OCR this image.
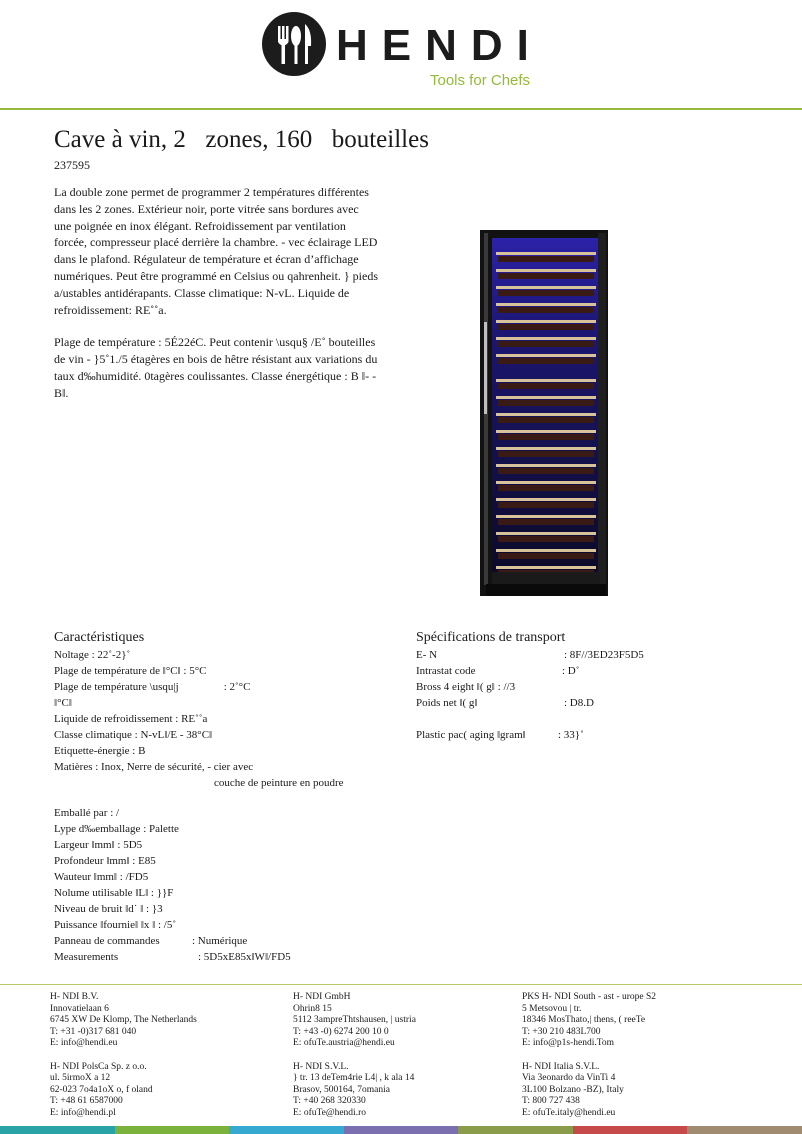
HENDI
Tools for Chefs
Cave à vin, 2 zones, 160 bouteilles
237595

La double zone permet de programmer 2 températures différentes dans les 2 zones. Extérieur noir, porte vitrée sans bordures avec une poignée en inox élégant. Refroidissement par ventilation forcée, compresseur placé derrière la chambre. - vec éclairage LED dans le plafond. Régulateur de température et écran d’affichage numériques. Peut être programmé en Celsius ou qahrenheit. } pieds a/ustables antidérapants. Classe climatique: N-vL. Liquide de refroidissement: RE˚˚a.

Plage de température : 5É22éC. Peut contenir \usqu§ /E˚ bouteilles de vin - }5˚1./5 étagères en bois de hêtre résistant aux variations du taux d‰humidité. 0tagères coulissantes. Classe énergétique : B ‖- -B‖.

Caractéristiques
Noltage : 22˚-2}˚
Plage de température de ‖°C‖ : 5°C
Plage de température \usqu|j	: 2˚°C
‖°C‖
Liquide de refroidissement : RE˚˚a
Classe climatique : N-vL‖/E - 38°C‖
Etiquette-énergie : B
Matières : Inox, Nerre de sécurité, - cier avec
couche de peinture en poudre
Emballé par : /
Lype d‰emballage : Palette
Largeur ‖mm‖ : 5D5
Profondeur ‖mm‖ : E85
Wauteur ‖mm‖ : /FD5
Nolume utilisable ‖L‖ : }}F
Niveau de bruit ‖d˙ ‖ : }3
Puissance ‖fournie‖ ‖x ‖ : /5˚
Panneau de commandes	: Numérique
Measurements	: 5D5xE85x‖W‖/FD5
Spécifications de transport
E- N	: 8F//3ED23F5D5
Intrastat code	: D˚
Bross 4 eight ‖( g‖ : //3
Poids net ‖( g‖	: D8.D
Plastic pac( aging ‖gram‖	: 33}˚
H- NDI B.V.
Innovatielaan 6
6745 XW De Klomp, The Netherlands
T: +31 -0)317 681 040
E: info@hendi.eu
H- NDI PolsCa Sp. z o.o.
ul. 5irmoX a 12
62-023 7o4a1oX o, f oland
T: +48 61 6587000
E: info@hendi.pl
H- NDI GmbH
Ohrin8 15
5112 3ampreThtshausen, | ustria
T: +43 -0) 6274 200 10 0
E: ofuTe.austria@hendi.eu
H- NDI S.V.L.
} tr. 13 deTem4rie L4| , k ala 14
Brasov, 500164, 7omania
T: +40 268 320330
E: ofuTe@hendi.ro
PKS H- NDI South - ast - urope S2
5 Metsovou | tr.
18346 MosThato,| thens, ( reeTe
T: +30 210 483L700
E: info@p1s-hendi.Tom
H- NDI Italia S.V.L.
Via 3eonardo da VinTi 4
3L100 Bolzano -BZ), Italy
T: 800 727 438
E: ofuTe.italy@hendi.eu
